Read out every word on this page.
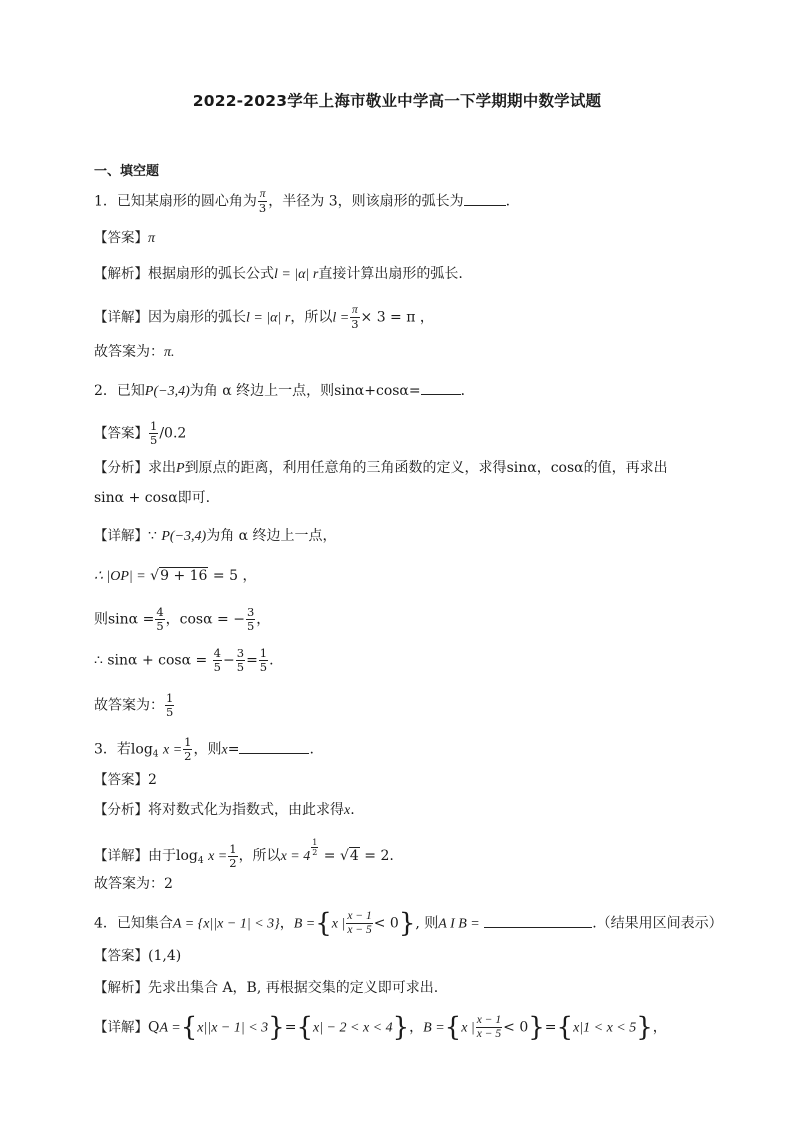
2022-2023学年上海市敬业中学高一下学期期中数学试题
一、填空题
1．已知某扇形的圆心角为 $\frac{\pi}{3}$ ，半径为 3，则该扇形的弧长为	.
【答案】π
【解析】根据扇形的弧长公式l = |α| r直接计算出扇形的弧长.
【详解】因为扇形的弧长l = |α| r，所以$l = \frac{\pi}{3} \times 3 = \pi$ ，
故答案为：π.
2．已知P(−3,4)为角 α 终边上一点，则sinα+cosα=	．
【答案】 $\frac{1}{5} /0.2$
【分析】求出P到原点的距离，利用任意角的三角函数的定义，求得sinα，cosα的值，再求出
sinα + cosα即可.
【详解】∵ P(−3,4)为角 α 终边上一点，
∴ |OP| = √9 + 16 = 5 ，
则$\sin\alpha = \frac{4}{5}$ ，cosα = − $\frac{3}{5}$ ，
∴ $\sin\alpha + \cos\alpha = \frac{4}{5} - \frac{3}{5} = \frac{1}{5}$ .
故答案为： $\frac{1}{5}$
3．若$\log_4 x = \frac{1}{2}$ ，则x=	.
【答案】2
【分析】将对数式化为指数式，由此求得x.
【详解】由于$\log_4 x = \frac{1}{2}$ ，所以$x = 4 \frac{1}{2} = √4 = 2$.
故答案为：2
4．已知集合A = {x||x − 1| < 3}，B ={x | $\frac{x - 1}{x - 5} < 0$}, 则A I B =	.（结果用区间表示）
【答案】(1,4)
【解析】先求出集合 A，B, 再根据交集的定义即可求出.
【详解】QA ={x||x − 1| < 3}={x| − 2 < x < 4}，B ={x | $\frac{x - 1}{x - 5} < 0\}=\{x|1 < x < 5\}$，
